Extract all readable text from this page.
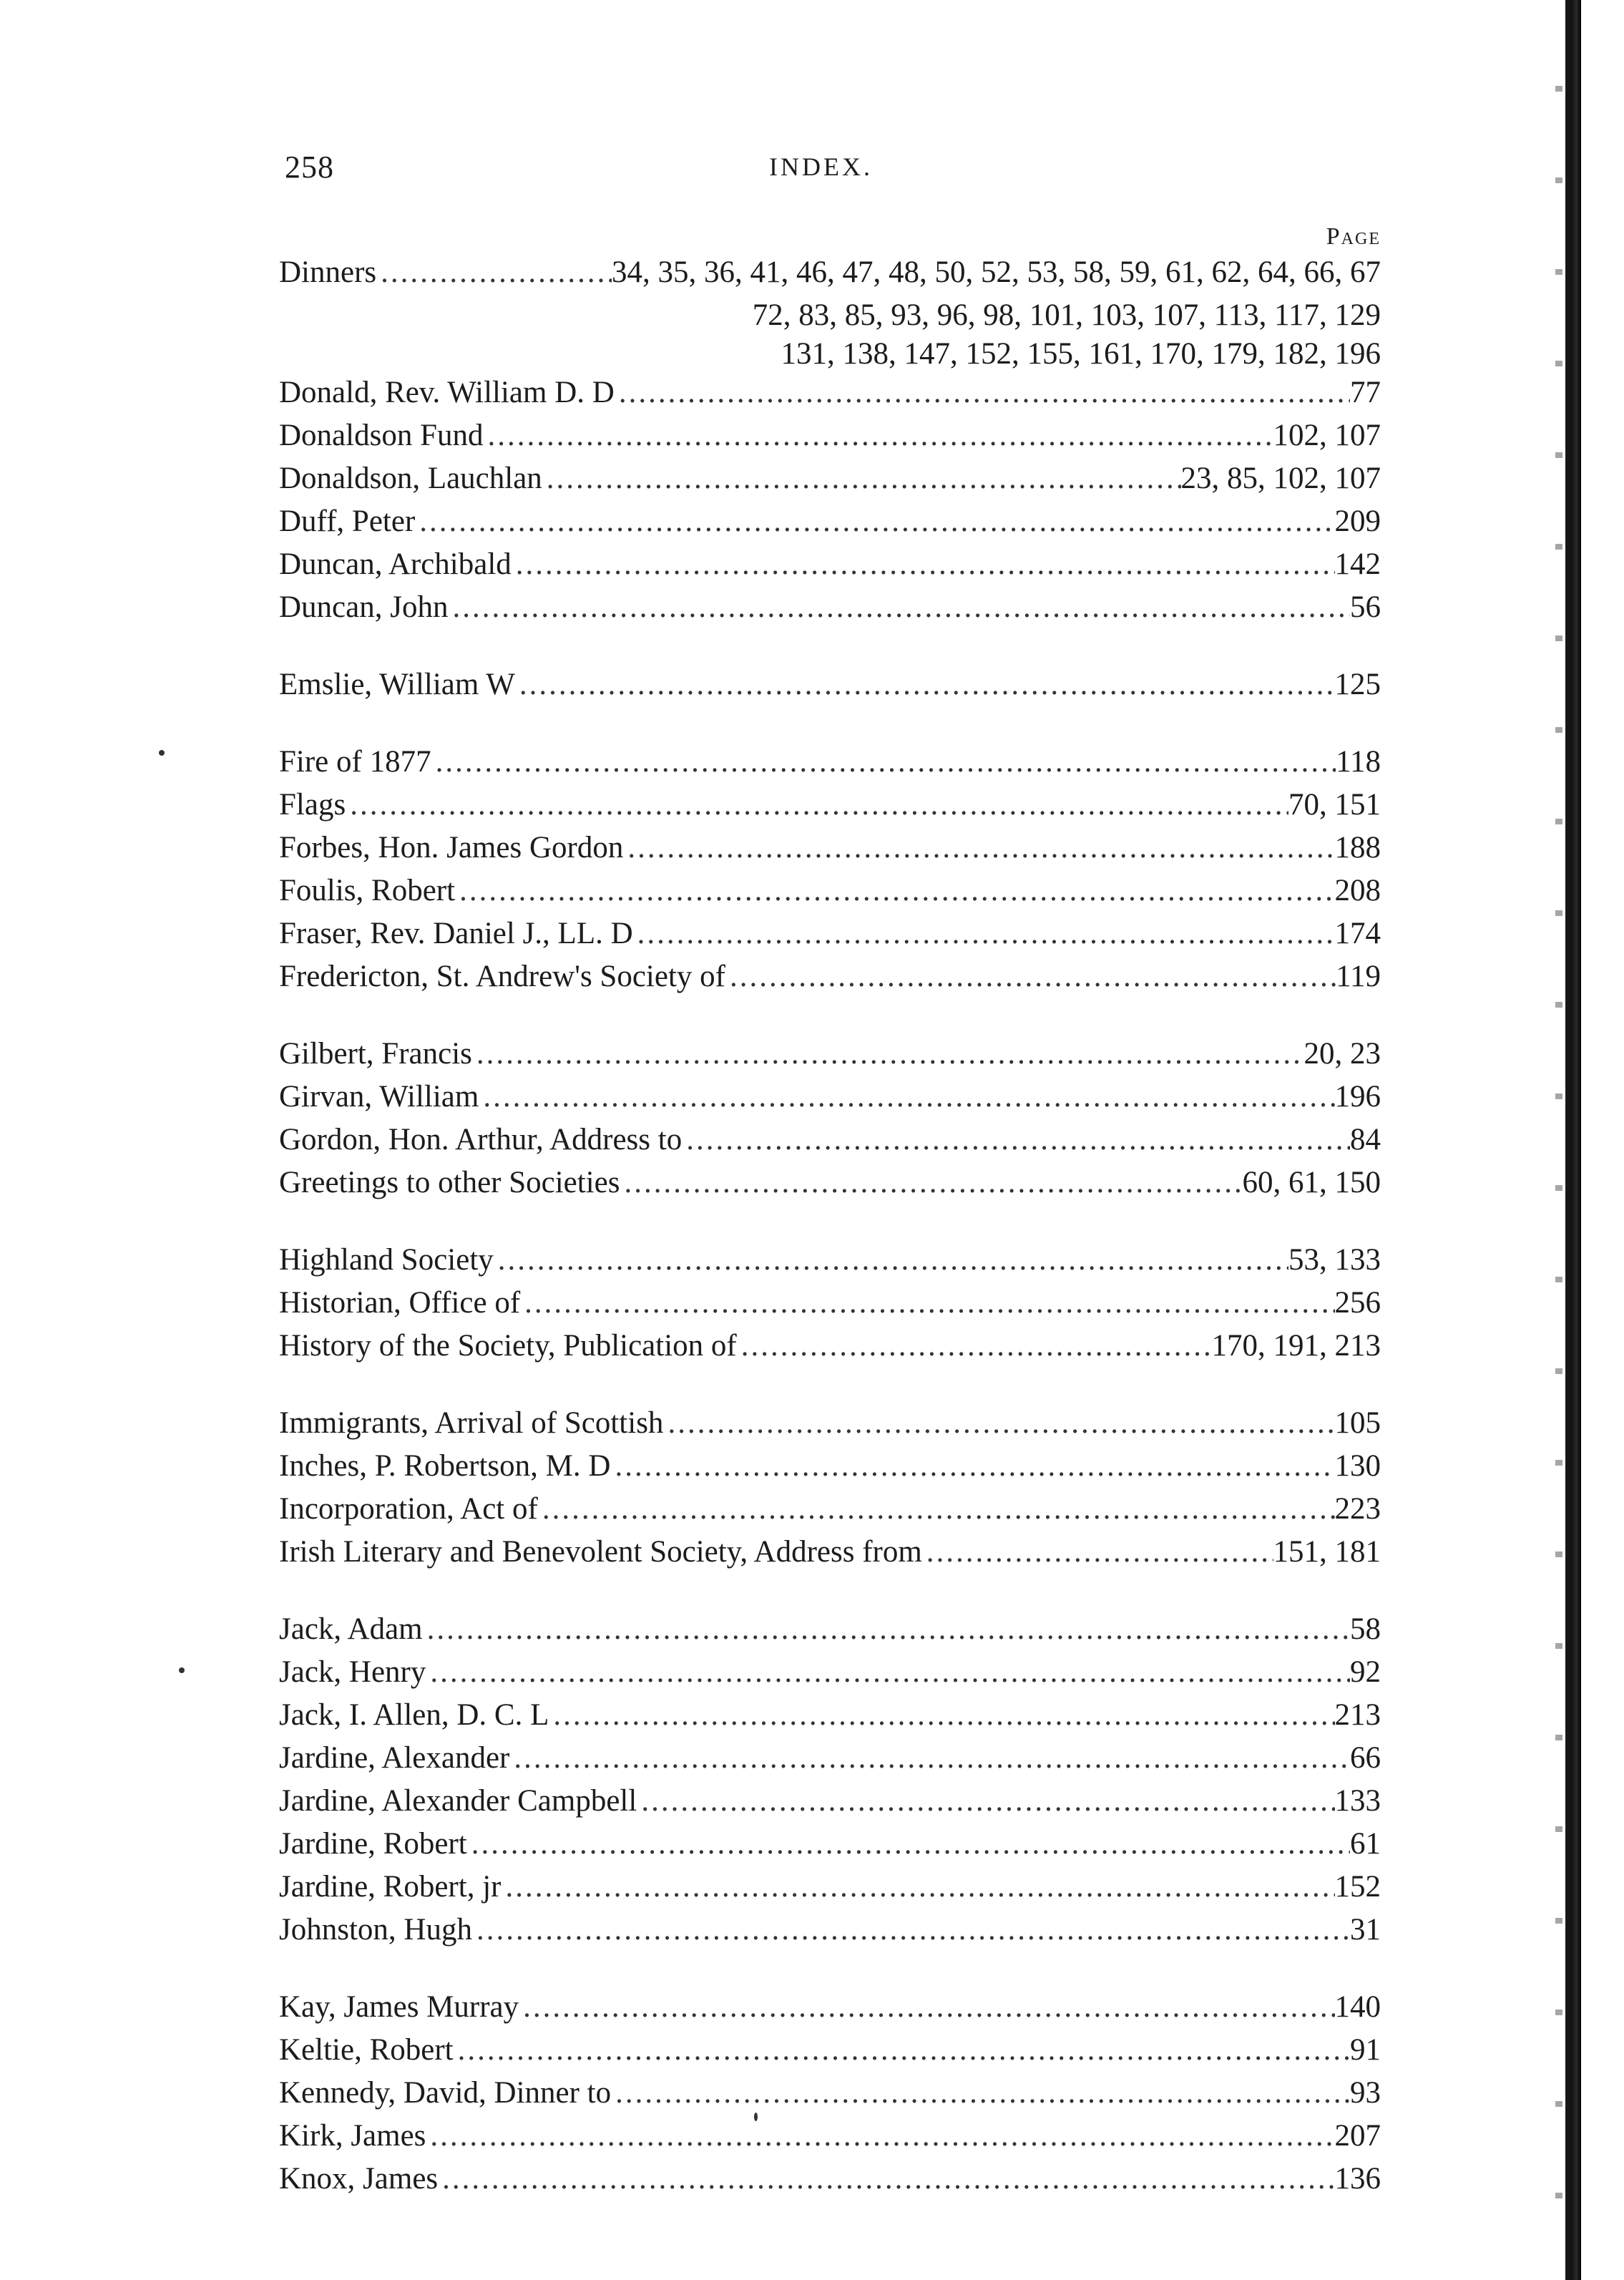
258	INDEX.
Page
Dinners .....	34, 35, 36, 41, 46, 47, 48, 50, 52, 53, 58, 59, 61, 62, 64, 66, 67
72, 83, 85, 93, 96, 98, 101, 103, 107, 113, 117, 129
131, 138, 147, 152, 155, 161, 170, 179, 182, 196
Donald, Rev. William D. D .....	77
Donaldson Fund .....	102, 107
Donaldson, Lauchlan .....	23, 85, 102, 107
Duff, Peter .....	209
Duncan, Archibald .....	142
Duncan, John .....	56
Emslie, William W .....	125
Fire of 1877 .....	118
Flags .....	70, 151
Forbes, Hon. James Gordon .....	188
Foulis, Robert .....	208
Fraser, Rev. Daniel J., LL. D .....	174
Fredericton, St. Andrew's Society of .....	119
Gilbert, Francis .....	20, 23
Girvan, William .....	196
Gordon, Hon. Arthur, Address to .....	84
Greetings to other Societies .....	60, 61, 150
Highland Society .....	53, 133
Historian, Office of .....	256
History of the Society, Publication of .....	170, 191, 213
Immigrants, Arrival of Scottish .....	105
Inches, P. Robertson, M. D .....	130
Incorporation, Act of .....	223
Irish Literary and Benevolent Society, Address from .....	151, 181
Jack, Adam .....	58
Jack, Henry .....	92
Jack, I. Allen, D. C. L .....	213
Jardine, Alexander .....	66
Jardine, Alexander Campbell .....	133
Jardine, Robert .....	61
Jardine, Robert, jr .....	152
Johnston, Hugh .....	31
Kay, James Murray .....	140
Keltie, Robert .....	91
Kennedy, David, Dinner to .....	93
Kirk, James .....	207
Knox, James .....	136
